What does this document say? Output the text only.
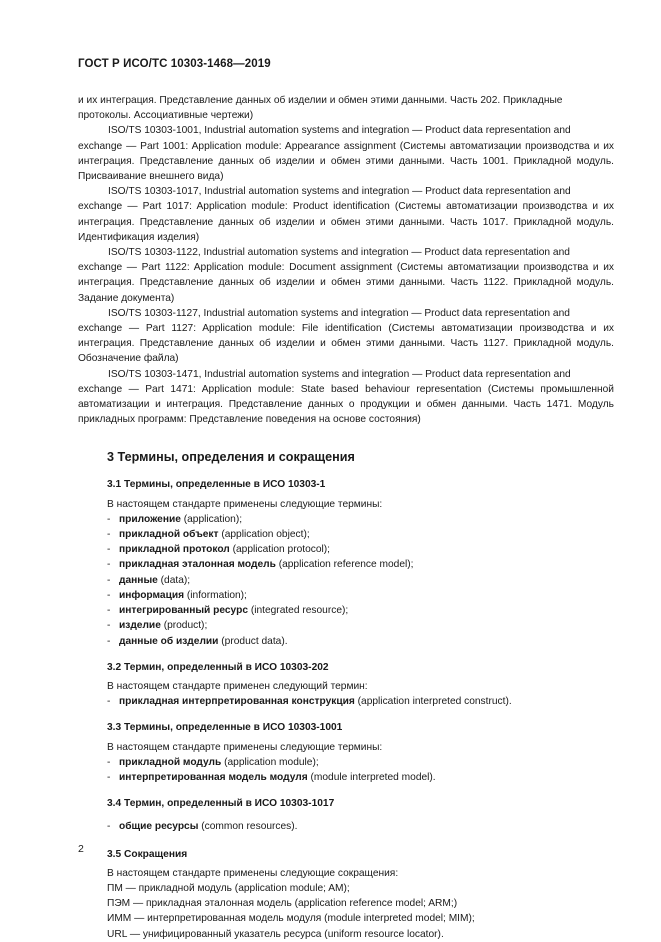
ГОСТ Р ИСО/ТС 10303-1468—2019

и их интеграция. Представление данных об изделии и обмен этими данными. Часть 202. Прикладные

протоколы. Ассоциативные чертежи)

ISO/TS 10303-1001, Industrial automation systems and integration — Product data representation and

exchange — Part 1001: Application module: Appearance assignment (Системы автоматизации производства и их интеграция. Представление данных об изделии и обмен этими данными. Часть 1001. Прикладной модуль. Присваивание внешнего вида)

ISO/TS 10303-1017, Industrial automation systems and integration — Product data representation and

exchange — Part 1017: Application module: Product identification (Системы автоматизации производства и их интеграция. Представление данных об изделии и обмен этими данными. Часть 1017. Прикладной модуль. Идентификация изделия)

ISO/TS 10303-1122, Industrial automation systems and integration — Product data representation and

exchange — Part 1122: Application module: Document assignment (Системы автоматизации производства и их интеграция. Представление данных об изделии и обмен этими данными. Часть 1122. Прикладной модуль. Задание документа)

ISO/TS 10303-1127, Industrial automation systems and integration — Product data representation and

exchange — Part 1127: Application module: File identification (Системы автоматизации производства и их интеграция. Представление данных об изделии и обмен этими данными. Часть 1127. Прикладной модуль. Обозначение файла)

ISO/TS 10303-1471, Industrial automation systems and integration — Product data representation and

exchange — Part 1471: Application module: State based behaviour representation (Системы промышленной автоматизации и интеграция. Представление данных о продукции и обмен данными. Часть 1471. Модуль прикладных программ: Представление поведения на основе состояния)

3 Термины, определения и сокращения
3.1 Термины, определенные в ИСО 10303-1

В настоящем стандарте применены следующие термины:

- приложение (application);
- прикладной объект (application object);
- прикладной протокол (application protocol);
- прикладная эталонная модель (application reference model);
- данные (data);
- информация (information);
- интегрированный ресурс (integrated resource);
- изделие (product);
- данные об изделии (product data).
3.2 Термин, определенный в ИСО 10303-202

В настоящем стандарте применен следующий термин:

- прикладная интерпретированная конструкция (application interpreted construct).
3.3 Термины, определенные в ИСО 10303-1001

В настоящем стандарте применены следующие термины:

- прикладной модуль (application module);
- интерпретированная модель модуля (module interpreted model).
3.4 Термин, определенный в ИСО 10303-1017
- общие ресурсы (common resources).
3.5 Сокращения

В настоящем стандарте применены следующие сокращения:

ПМ — прикладной модуль (application module; AM);
ПЭМ — прикладная эталонная модель (application reference model; ARM;)
ИММ — интерпретированная модель модуля (module interpreted model; MIM);
URL — унифицированный указатель ресурса (uniform resource locator).
2
